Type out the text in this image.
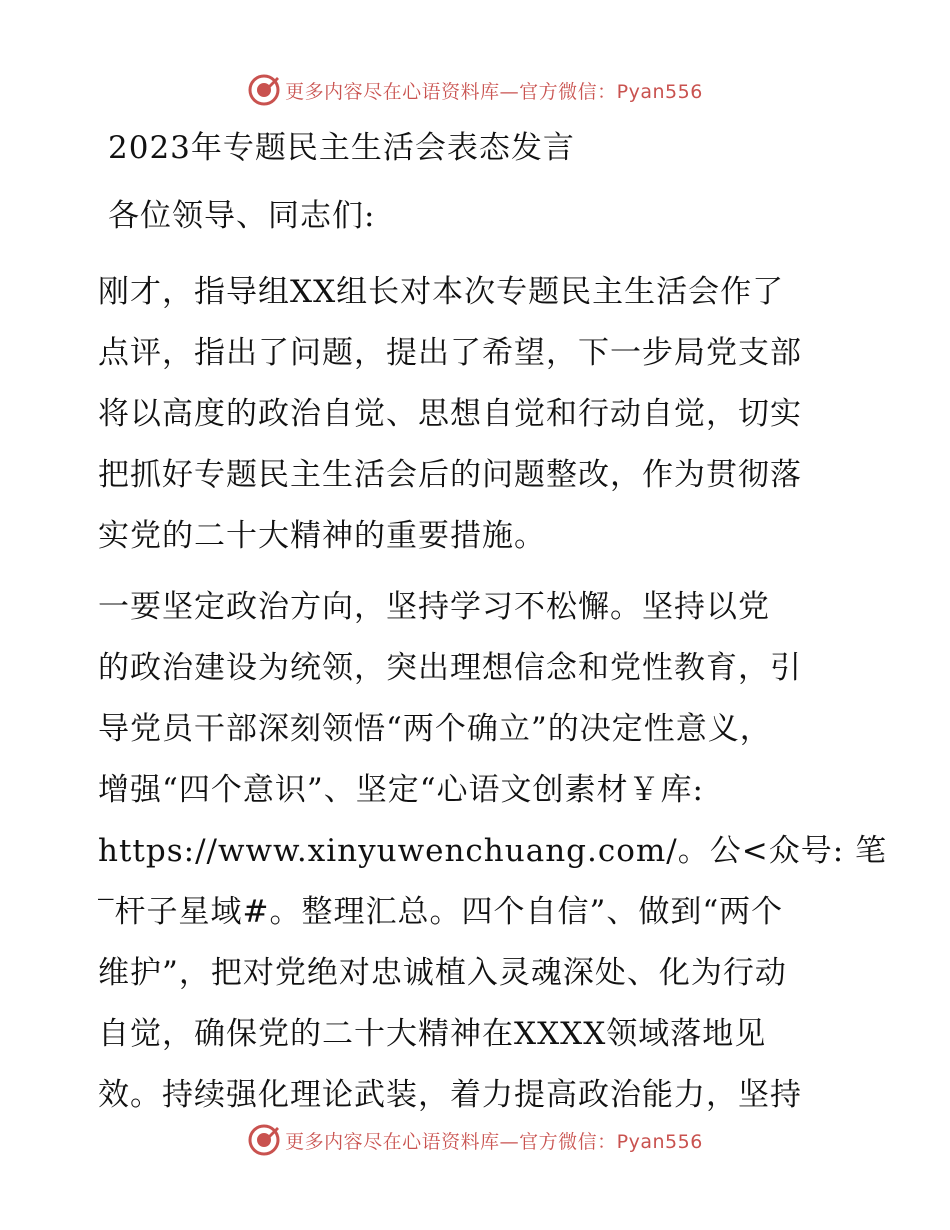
更多内容尽在心语资料库—官方微信：Pyan556
2023年专题民主生活会表态发言
各位领导、同志们:
刚才，指导组XX组长对本次专题民主生活会作了
点评，指出了问题，提出了希望，下一步局党支部
将以高度的政治自觉、思想自觉和行动自觉，切实
把抓好专题民主生活会后的问题整改，作为贯彻落
实党的二十大精神的重要措施。
一要坚定政治方向，坚持学习不松懈。坚持以党
的政治建设为统领，突出理想信念和党性教育，引
导党员干部深刻领悟“两个确立”的决定性意义，
增强“四个意识”、坚定“心语文创素材￥库:
https://www.xinyuwenchuang.com/。公<众号: 笔
‾杆子星域#。整理汇总。四个自信”、做到“两个
维护”，把对党绝对忠诚植入灵魂深处、化为行动
自觉，确保党的二十大精神在XXXX领域落地见
效。持续强化理论武装，着力提高政治能力，坚持
更多内容尽在心语资料库—官方微信：Pyan556
